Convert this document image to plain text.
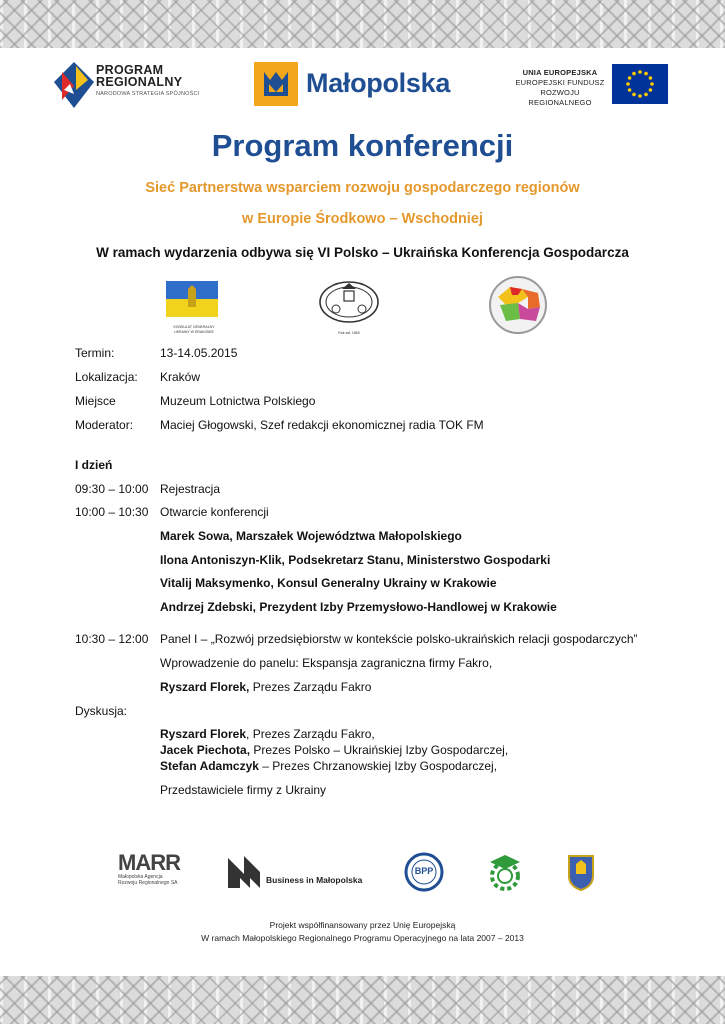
PROGRAM
REGIONALNY
NARODOWA STRATEGIA SPÓJNOŚCI	Małopolska	UNIA EUROPEJSKA
EUROPEJSKI FUNDUSZ
ROZWOJU REGIONALNEGO
Program konferencji
Sieć Partnerstwa wsparciem rozwoju gospodarczego regionów
w Europie Środkowo – Wschodniej
W ramach wydarzenia odbywa się VI Polsko – Ukraińska Konferencja Gospodarcza
KONSULAT GENERALNY UKRAINY W KRAKOWIE	Rok zał. 1850
Termin:	13-14.05.2015
Lokalizacja: Kraków
Miejsce	Muzeum Lotnictwa Polskiego
Moderator: Maciej Głogowski, Szef redakcji ekonomicznej radia TOK FM
I dzień
09:30 – 10:00 Rejestracja
10:00 – 10:30 Otwarcie konferencji
Marek Sowa, Marszałek Województwa Małopolskiego
Ilona Antoniszyn-Klik, Podsekretarz Stanu, Ministerstwo Gospodarki
Vitalij Maksymenko, Konsul Generalny Ukrainy w Krakowie
Andrzej Zdebski, Prezydent Izby Przemysłowo-Handlowej w Krakowie
10:30 – 12:00 Panel I – „Rozwój przedsiębiorstw w kontekście polsko-ukraińskich relacji gospodarczych”
Wprowadzenie do panelu: Ekspansja zagraniczna firmy Fakro,
Ryszard Florek, Prezes Zarządu Fakro
Dyskusja:
Ryszard Florek, Prezes Zarządu Fakro,
Jacek Piechota, Prezes Polsko – Ukraińskiej Izby Gospodarczej,
Stefan Adamczyk – Prezes Chrzanowskiej Izby Gospodarczej,
Przedstawiciele firmy z Ukrainy
MARR
Małopolska Agencja
Rozwoju Regionalnego SA	Business in Małopolska
BPP
Projekt współfinansowany przez Unię Europejską
W ramach Małopolskiego Regionalnego Programu Operacyjnego na lata 2007 – 2013
